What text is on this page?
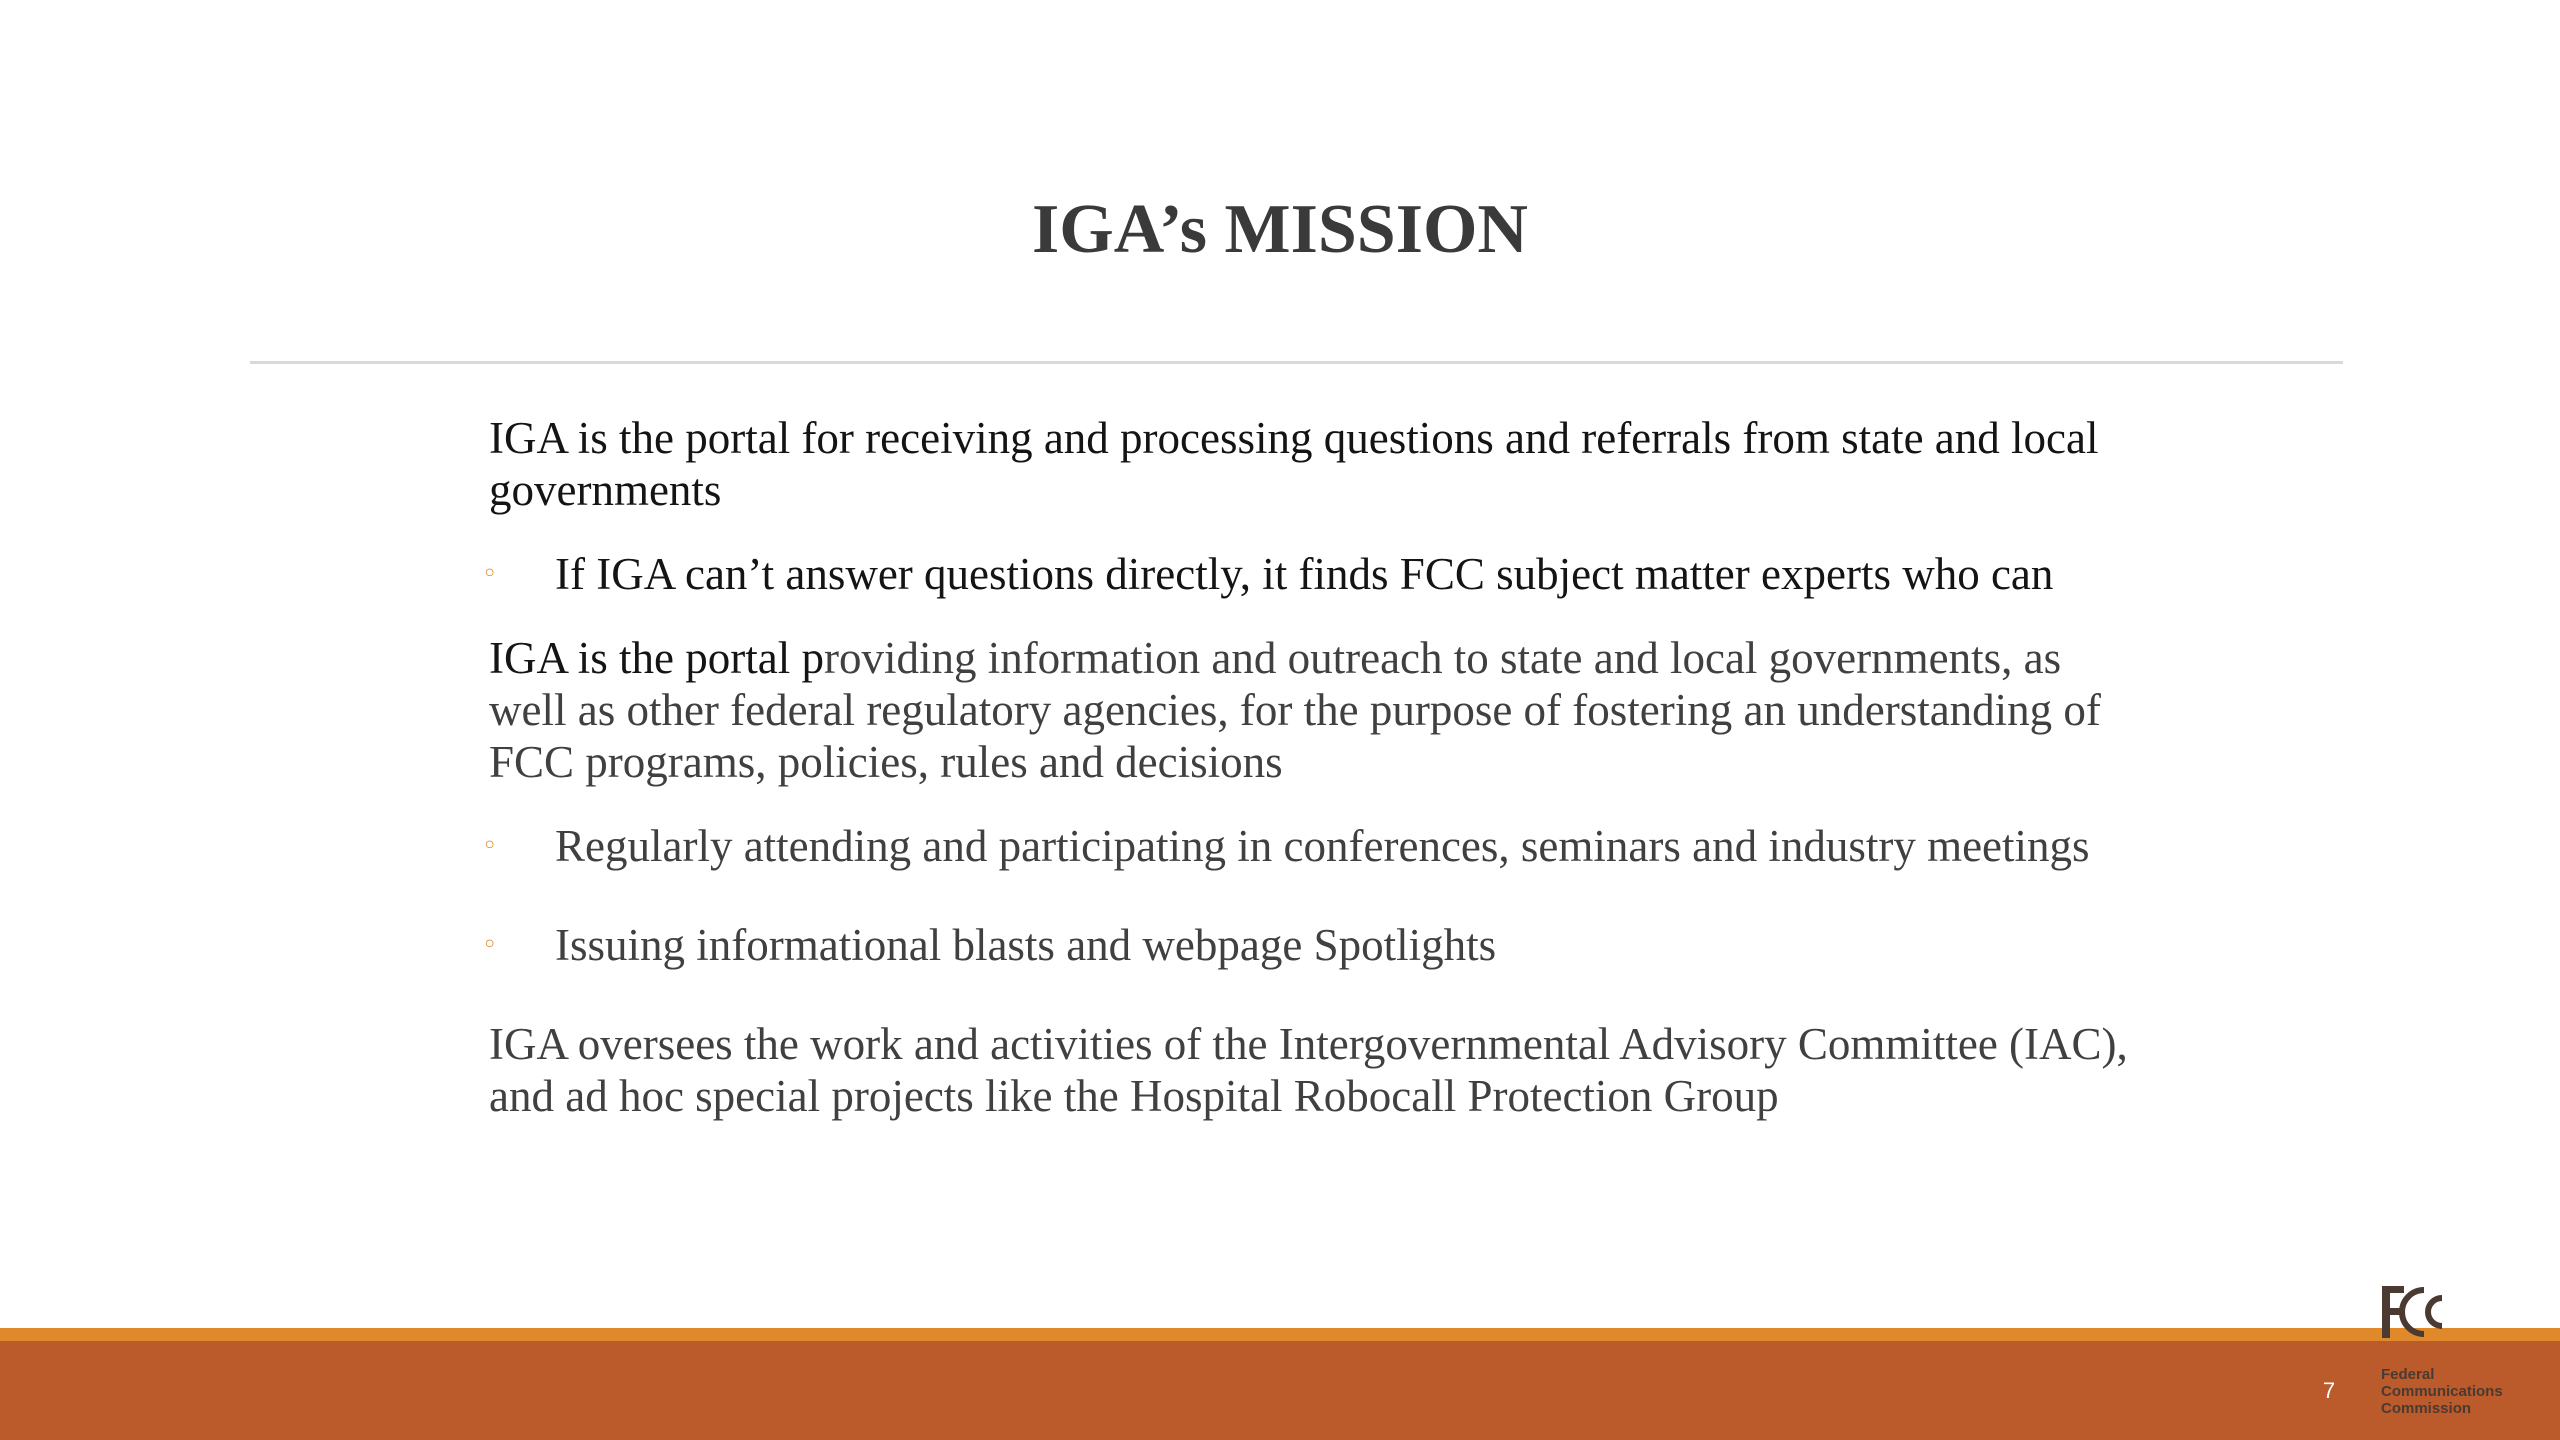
IGA’s MISSION

IGA is the portal for receiving and processing questions and referrals from state and local governments

◦ If IGA can’t answer questions directly, it finds FCC subject matter experts who can

IGA is the portal providing information and outreach to state and local governments, as well as other federal regulatory agencies, for the purpose of fostering an understanding of FCC programs, policies, rules and decisions

◦ Regularly attending and participating in conferences, seminars and industry meetings

◦ Issuing informational blasts and webpage Spotlights

IGA oversees the work and activities of the Intergovernmental Advisory Committee (IAC), and ad hoc special projects like the Hospital Robocall Protection Group

7
Federal
Communications
Commission
